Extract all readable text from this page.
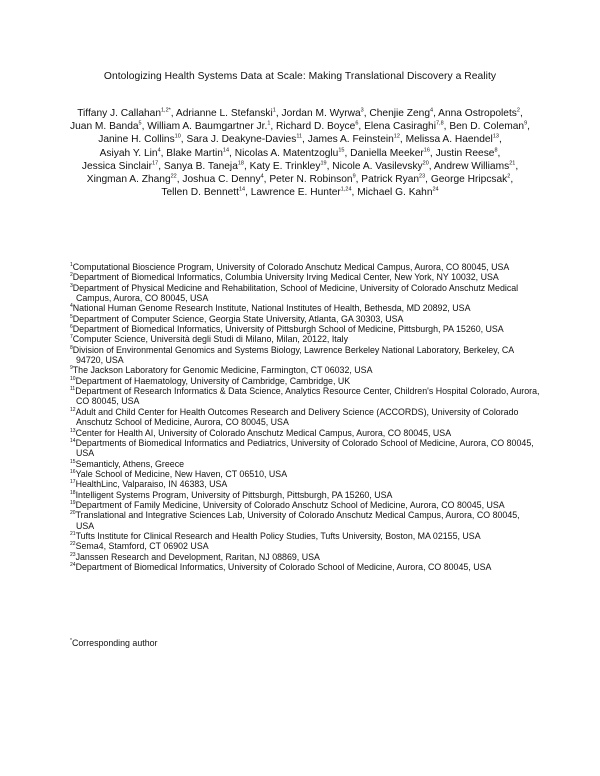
Ontologizing Health Systems Data at Scale: Making Translational Discovery a Reality
Tiffany J. Callahan$^{1,2*}$, Adrianne L. Stefanski$^1$, Jordan M. Wyrwa$^3$, Chenjie Zeng$^4$, Anna Ostropolets$^2$, Juan M. Banda$^5$, William A. Baumgartner Jr.$^1$, Richard D. Boyce$^6$, Elena Casiraghi$^{7,8}$, Ben D. Coleman$^9$, Janine H. Collins$^{10}$, Sara J. Deakyne-Davies$^{11}$, James A. Feinstein$^{12}$, Melissa A. Haendel$^{13}$, Asiyah Y. Lin$^4$, Blake Martin$^{14}$, Nicolas A. Matentzoglu$^{15}$, Daniella Meeker$^{16}$, Justin Reese$^8$, Jessica Sinclair$^{17}$, Sanya B. Taneja$^{18}$, Katy E. Trinkley$^{19}$, Nicole A. Vasilevsky$^{20}$, Andrew Williams$^{21}$, Xingman A. Zhang$^{22}$, Joshua C. Denny$^4$, Peter N. Robinson$^9$, Patrick Ryan$^{23}$, George Hripcsak$^2$, Tellen D. Bennett$^{14}$, Lawrence E. Hunter$^{1,24}$, Michael G. Kahn$^{24}$
$^1$Computational Bioscience Program, University of Colorado Anschutz Medical Campus, Aurora, CO 80045, USA
$^2$Department of Biomedical Informatics, Columbia University Irving Medical Center, New York, NY 10032, USA
$^3$Department of Physical Medicine and Rehabilitation, School of Medicine, University of Colorado Anschutz Medical Campus, Aurora, CO 80045, USA
$^4$National Human Genome Research Institute, National Institutes of Health, Bethesda, MD 20892, USA
$^5$Department of Computer Science, Georgia State University, Atlanta, GA 30303, USA
$^6$Department of Biomedical Informatics, University of Pittsburgh School of Medicine, Pittsburgh, PA 15260, USA
$^7$Computer Science, Università degli Studi di Milano, Milan, 20122, Italy
$^8$Division of Environmental Genomics and Systems Biology, Lawrence Berkeley National Laboratory, Berkeley, CA 94720, USA
$^9$The Jackson Laboratory for Genomic Medicine, Farmington, CT 06032, USA
$^{10}$Department of Haematology, University of Cambridge, Cambridge, UK
$^{11}$Department of Research Informatics & Data Science, Analytics Resource Center, Children's Hospital Colorado, Aurora, CO 80045, USA
$^{12}$Adult and Child Center for Health Outcomes Research and Delivery Science (ACCORDS), University of Colorado Anschutz School of Medicine, Aurora, CO 80045, USA
$^{13}$Center for Health AI, University of Colorado Anschutz Medical Campus, Aurora, CO 80045, USA
$^{14}$Departments of Biomedical Informatics and Pediatrics, University of Colorado School of Medicine, Aurora, CO 80045, USA
$^{15}$Semanticly, Athens, Greece
$^{16}$Yale School of Medicine, New Haven, CT 06510, USA
$^{17}$HealthLinc, Valparaiso, IN 46383, USA
$^{18}$Intelligent Systems Program, University of Pittsburgh, Pittsburgh, PA 15260, USA
$^{19}$Department of Family Medicine, University of Colorado Anschutz School of Medicine, Aurora, CO 80045, USA
$^{20}$Translational and Integrative Sciences Lab, University of Colorado Anschutz Medical Campus, Aurora, CO 80045, USA
$^{21}$Tufts Institute for Clinical Research and Health Policy Studies, Tufts University, Boston, MA 02155, USA
$^{22}$Sema4, Stamford, CT 06902 USA
$^{23}$Janssen Research and Development, Raritan, NJ 08869, USA
$^{24}$Department of Biomedical Informatics, University of Colorado School of Medicine, Aurora, CO 80045, USA
*Corresponding author
